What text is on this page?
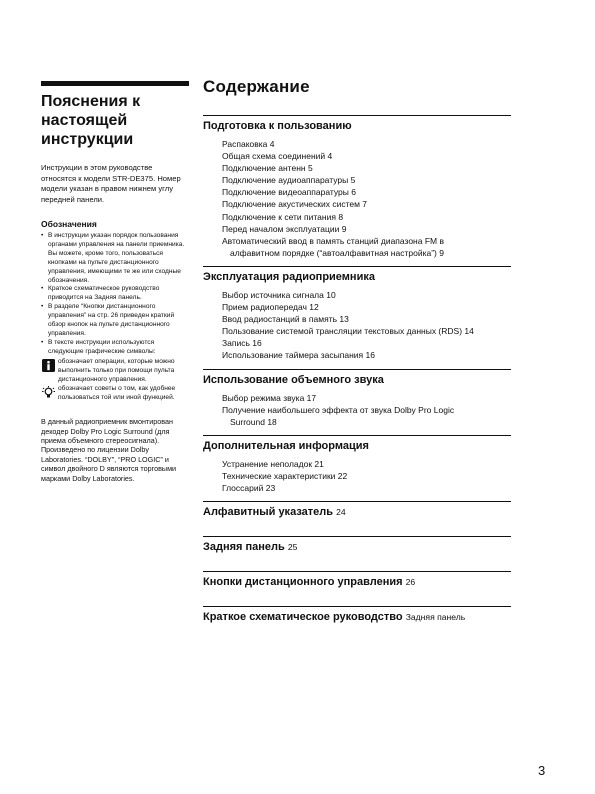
Пояснения к настоящей инструкции

Инструкции в этом руководстве относятся к модели STR-DE375. Номер модели указан в правом нижнем углу передней панели.

Обозначения
• В инструкции указан порядок пользования органами управления на панели приемника. Вы можете, кроме того, пользоваться кнопками на пульте дистанционного управления, имеющими те же или сходные обозначения.
• Краткое схематическое руководство приводится на Задняя панель.
• В разделе “Кнопки дистанционного управления” на стр. 26 приведен краткий обзор кнопок на пульте дистанционного управления.
• В тексте инструкции используются следующие графические символы:
обозначает операции, которые можно выполнить только при помощи пульта дистанционного управления.
обозначает советы о том, как удобнее пользоваться той или иной функцией.

В данный радиоприемник вмонтирован декодер Dolby Pro Logic Surround (для приема объемного стереосигнала). Произведено по лицензии Dolby Laboratories. “DOLBY”, “PRO LOGIC” и символ двойного D являются торговыми марками Dolby Laboratories.

Содержание
Подготовка к пользованию
Распаковка 4
Общая схема соединений 4
Подключение антенн 5
Подключение аудиоаппаратуры 5
Подключение видеоаппаратуры 6
Подключение акустических систем 7
Подключение к сети питания 8
Перед началом эксплуатации 9
Автоматический ввод в память станций диапазона FM в
алфавитном порядке (“автоалфавитная настройка”) 9
Эксплуатация радиоприемника
Выбор источника сигнала 10
Прием радиопередач 12
Ввод радиостанций в память 13
Пользование системой трансляции текстовых данных (RDS) 14
Запись 16
Использование таймера засыпания 16
Использование объемного звука
Выбор режима звука 17
Получение наибольшего эффекта от звука Dolby Pro Logic
Surround 18
Дополнительная информация
Устранение неполадок 21
Технические характеристики 22
Глоссарий 23
Алфавитный указатель 24
Задняя панель 25
Кнопки дистанционного управления 26
Краткое схематическое руководство Задняя панель
3
